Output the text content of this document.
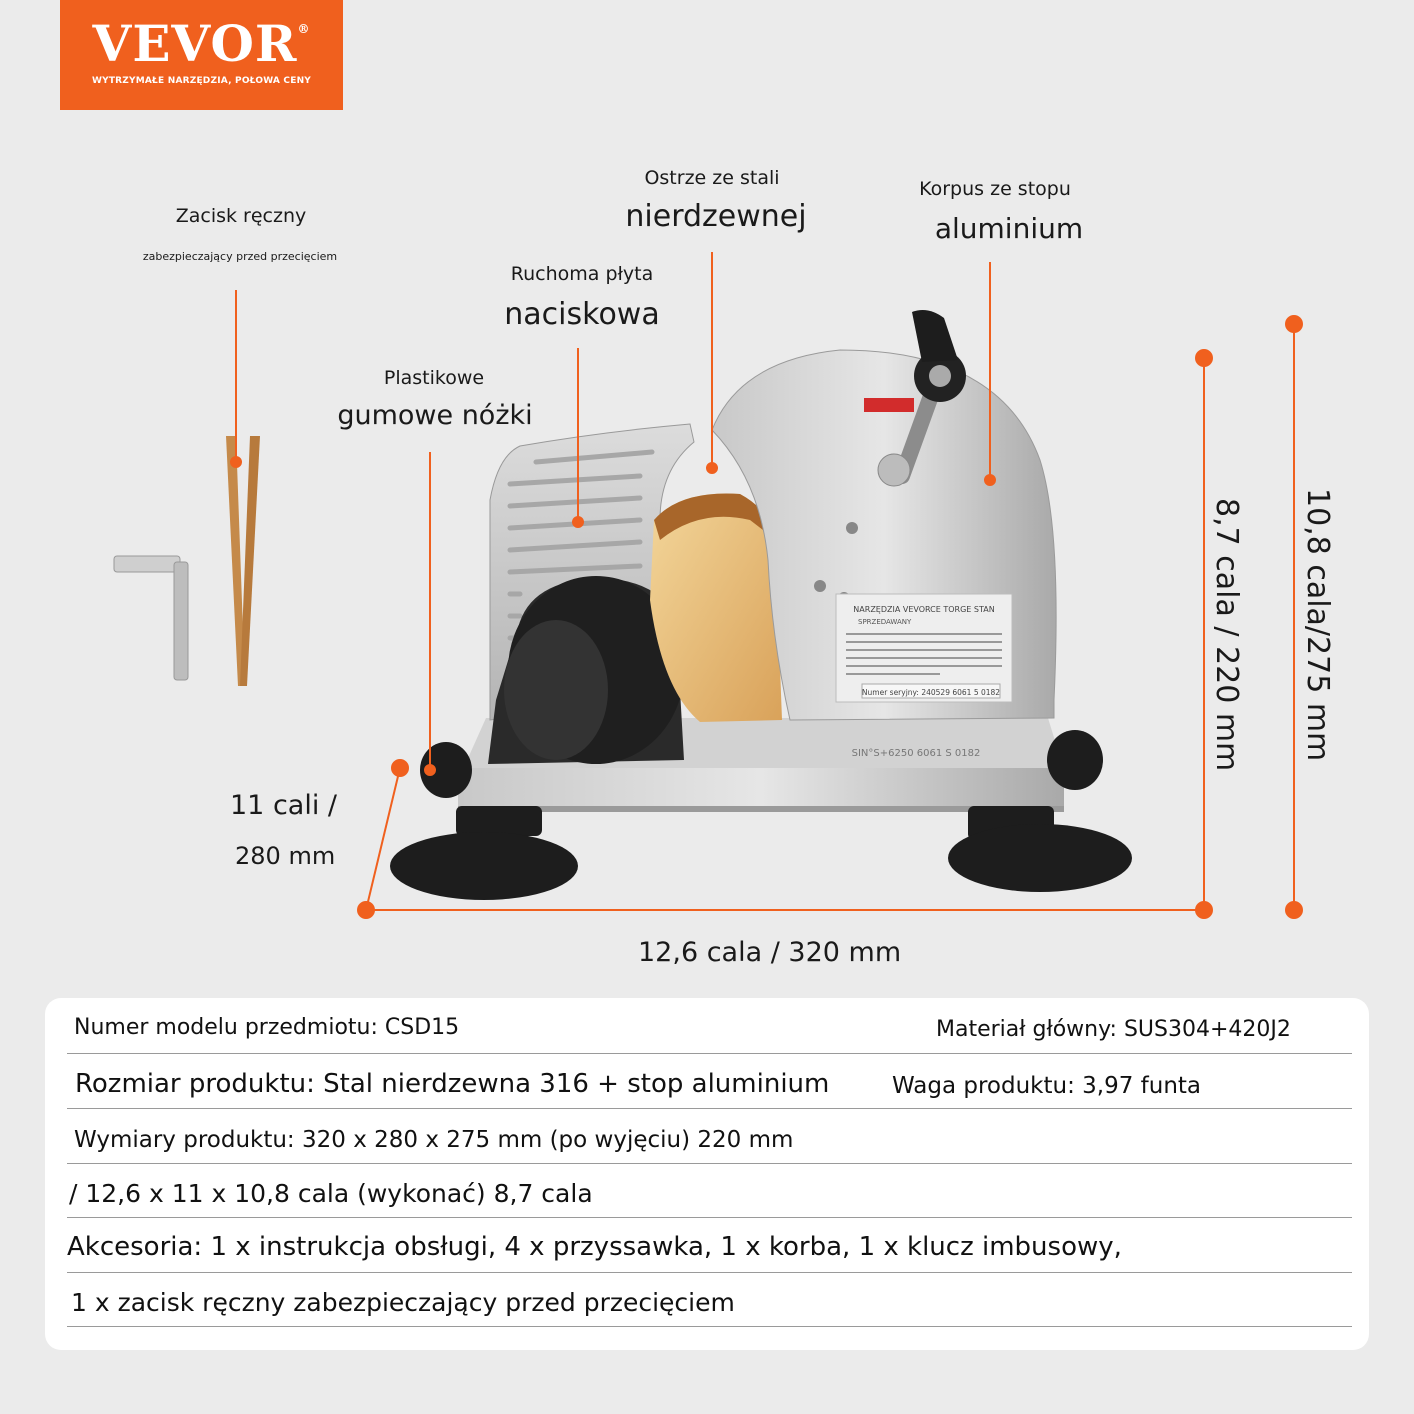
VEVOR®
WYTRZYMAŁE NARZĘDZIA, POŁOWA CENY
NARZĘDZIA VEVORCE TORGE STAN
SPRZEDAWANY
Numer seryjny: 240529 6061 5 0182
SIN°S+6250 6061 S 0182
Zacisk ręczny
zabezpieczający przed przecięciem
Plastikowe
gumowe nóżki
Ruchoma płyta
naciskowa
Ostrze ze stali
nierdzewnej
Korpus ze stopu
aluminium
11 cali /
280 mm
12,6 cala / 320 mm
8,7 cala / 220 mm 10,8 cala/275 mm
Numer modelu przedmiotu: CSD15	Materiał główny: SUS304+420J2
Rozmiar produktu: Stal nierdzewna 316 + stop aluminium	Waga produktu: 3,97 funta
Wymiary produktu: 320 x 280 x 275 mm (po wyjęciu) 220 mm
/ 12,6 x 11 x 10,8 cala (wykonać) 8,7 cala
Akcesoria: 1 x instrukcja obsługi, 4 x przyssawka, 1 x korba, 1 x klucz imbusowy,
1 x zacisk ręczny zabezpieczający przed przecięciem
